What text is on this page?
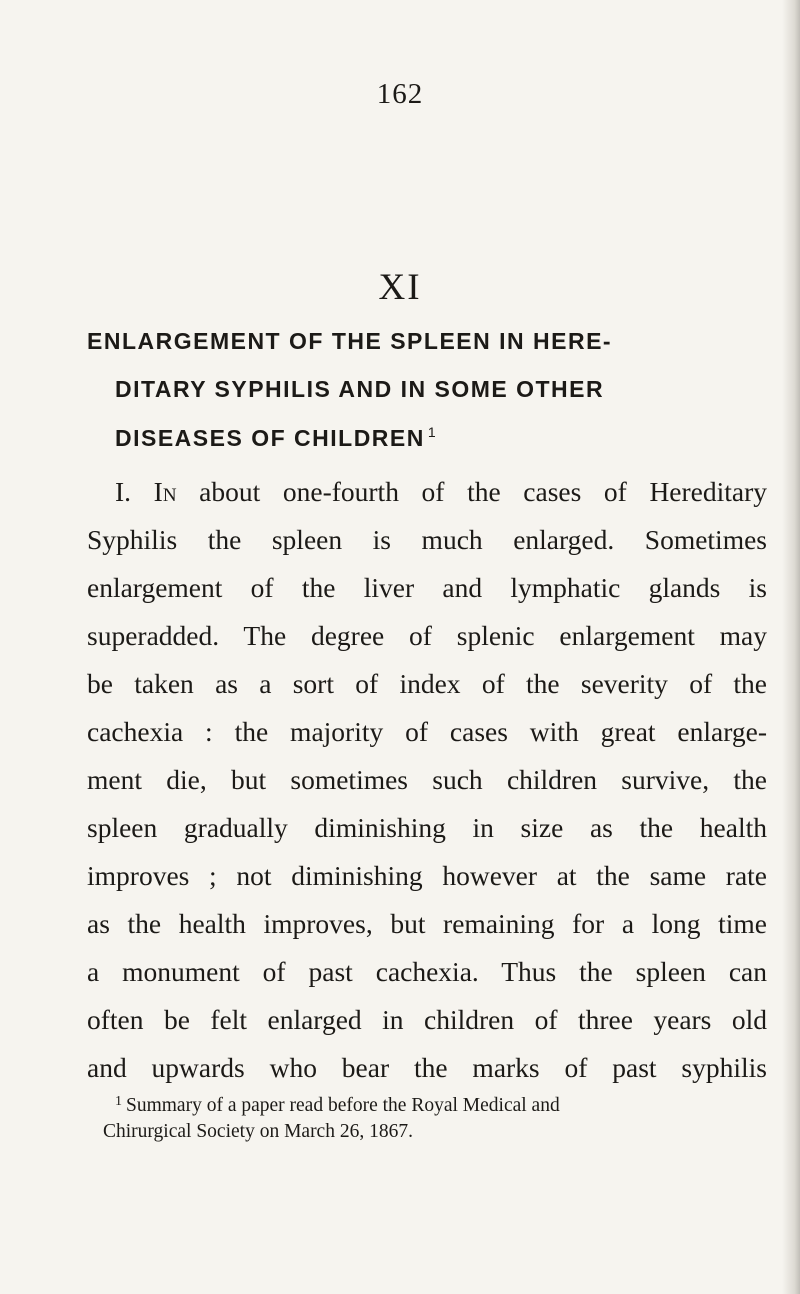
162
XI
ENLARGEMENT OF THE SPLEEN IN HERE-
DITARY SYPHILIS AND IN SOME OTHER
DISEASES OF CHILDREN $^1$
I. In about one-fourth of the cases of Hereditary
Syphilis the spleen is much enlarged. Sometimes
enlargement of the liver and lymphatic glands is
superadded. The degree of splenic enlargement may
be taken as a sort of index of the severity of the
cachexia : the majority of cases with great enlarge-
ment die, but sometimes such children survive, the
spleen gradually diminishing in size as the health
improves ; not diminishing however at the same rate
as the health improves, but remaining for a long time
a monument of past cachexia. Thus the spleen can
often be felt enlarged in children of three years old
and upwards who bear the marks of past syphilis
$^1$ Summary of a paper read before the Royal Medical and
Chirurgical Society on March 26, 1867.
